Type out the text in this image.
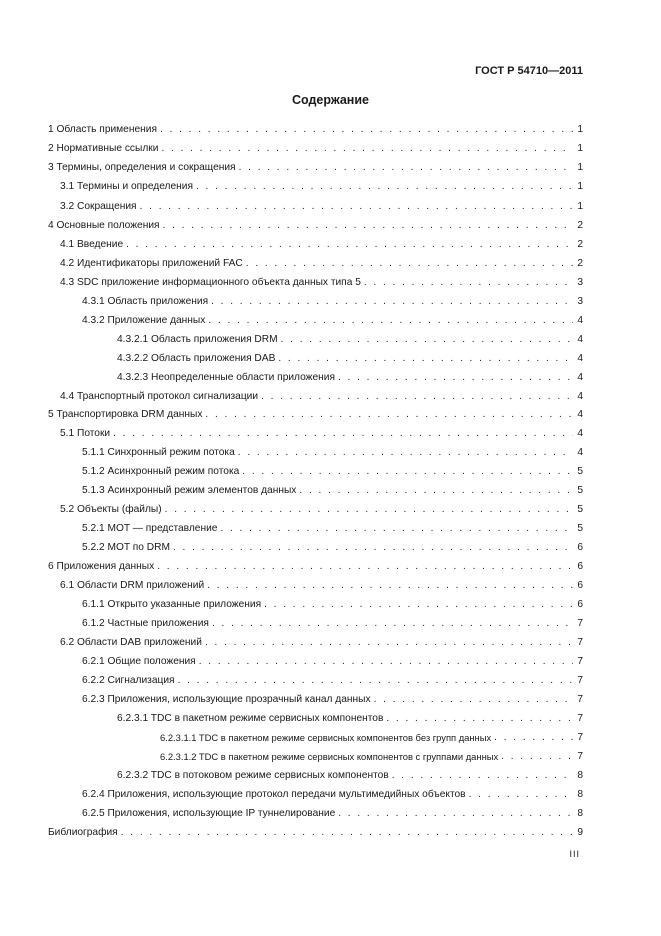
ГОСТ Р 54710—2011
Содержание
1 Область применения . . .	1
2 Нормативные ссылки . . .	1
3 Термины, определения и сокращения . . .	1
3.1 Термины и определения . . .	1
3.2 Сокращения . . .	1
4 Основные положения . . .	2
4.1 Введение . . .	2
4.2 Идентификаторы приложений FAC . . .	2
4.3 SDC приложение информационного объекта данных типа 5 . . .	3
4.3.1 Область приложения . . .	3
4.3.2 Приложение данных . . .	4
4.3.2.1 Область приложения DRM . . .	4
4.3.2.2 Область приложения DAB . . .	4
4.3.2.3 Неопределенные области приложения . . .	4
4.4 Транспортный протокол сигнализации . . .	4
5 Транспортировка DRM данных . . .	4
5.1 Потоки . . .	4
5.1.1 Синхронный режим потока . . .	4
5.1.2 Асинхронный режим потока . . .	5
5.1.3 Асинхронный режим элементов данных . . .	5
5.2 Объекты (файлы) . . .	5
5.2.1 MOT — представление . . .	5
5.2.2 MOT по DRM . . .	6
6 Приложения данных . . .	6
6.1 Области DRM приложений . . .	6
6.1.1 Открыто указанные приложения . . .	6
6.1.2 Частные приложения . . .	7
6.2 Области DAB приложений . . .	7
6.2.1 Общие положения . . .	7
6.2.2 Сигнализация . . .	7
6.2.3 Приложения, использующие прозрачный канал данных . . .	7
6.2.3.1 TDC в пакетном режиме сервисных компонентов . . .	7
6.2.3.1.1 TDC в пакетном режиме сервисных компонентов без групп данных . . .	7
6.2.3.1.2 TDC в пакетном режиме сервисных компонентов с группами данных . . .	7
6.2.3.2 TDC в потоковом режиме сервисных компонентов . . .	8
6.2.4 Приложения, использующие протокол передачи мультимедийных объектов . . .	8
6.2.5 Приложения, использующие IP туннелирование . . .	8
Библиография . . .	9
III
